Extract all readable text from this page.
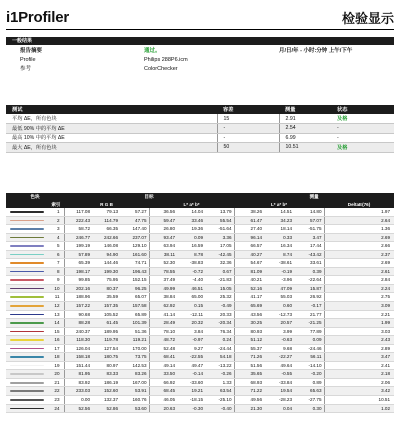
i1Profiler	检验显示
一般结果
报告摘要	通过。	月/日/年 - 小时:分钟 上午/下午
Profile	Philips 288P6.icm
参考	ColorChecker
测试	容差	测量	状态
平均 ΔE，所有色块	15	2.91	及格
最低 90% 中的平均 ΔE	-	2.54	-
最高 10% 中的平均 ΔE	-	6.99	-
最大 ΔE，所有色块	50	10.51	及格
色块		目标						测量			
	索引	R G B			L* a* b*			L* a* b*			DeltaE(76)

	1	117.08	79.13	57.27	36.56	14.04	13.79	38.26	14.51	14.80	1.97

	2	222.43	114.79	47.75	59.47	33.46	55.54	61.47	34.23	57.07	2.64

	3	58.72	66.35	147.40	26.80	19.36	-51.64	27.40	18.14	-51.75	1.36

	4	246.77	242.66	237.07	93.47	0.09	3.36	96.14	0.33	3.47	2.69

	5	199.19	146.08	129.10	63.94	16.59	17.05	66.57	16.34	17.44	2.66

	6	57.89	94.90	161.60	38.11	8.78	-42.45	40.27	8.74	-43.42	2.37

	7	65.39	144.46	74.71	52.30	-38.83	32.36	54.67	-38.61	33.61	2.69

	8	198.17	199.30	196.43	78.55	-0.72	0.67	81.09	-0.19	0.39	2.61

	9	99.85	75.95	152.15	37.49	-4.40	-21.83	40.21	-3.96	-22.64	2.84

	10	202.16	80.37	96.25	49.99	46.51	15.05	52.16	47.09	15.87	2.24

	11	188.96	35.59	65.07	38.84	65.00	25.32	41.17	55.03	26.92	2.75

	12	157.22	157.35	157.58	62.92	0.15	-0.49	65.69	0.60	-0.17	3.09

	13	90.68	105.52	65.89	41.14	-12.11	20.33	43.56	-12.73	21.77	2.21

	14	88.28	61.45	101.39	28.49	20.32	-20.34	30.25	20.57	-21.25	1.99

	15	240.37	189.95	51.36	78.10	3.84	76.34	80.93	3.99	77.89	3.03

	16	118.30	119.78	119.21	48.72	-0.97	0.24	51.12	-0.63	0.09	2.43

	17	126.04	127.54	170.00	52.48	9.27	-24.44	55.37	9.68	-24.46	2.89

	18	158.18	180.75	73.75	68.41	-22.55	54.18	71.26	-22.27	56.11	3.47

	19	151.44	80.97	142.53	49.14	49.47	-13.22	51.56	49.64	-14.10	2.41

	20	81.95	83.33	83.26	33.50	-0.14	-0.26	35.65	-0.55	-0.20	2.18

	21	83.92	186.19	167.00	66.92	-33.60	1.33	68.93	-33.84	0.89	2.06

	22	233.03	152.60	53.91	68.45	19.21	63.54	71.22	19.54	65.63	3.42

	23	0.00	132.37	160.76	46.05	-18.15	-25.10	49.56	-28.23	-27.75	10.51

	24	52.56	52.86	53.60	20.63	-0.30	-0.40	21.30	0.04	0.30	1.02
